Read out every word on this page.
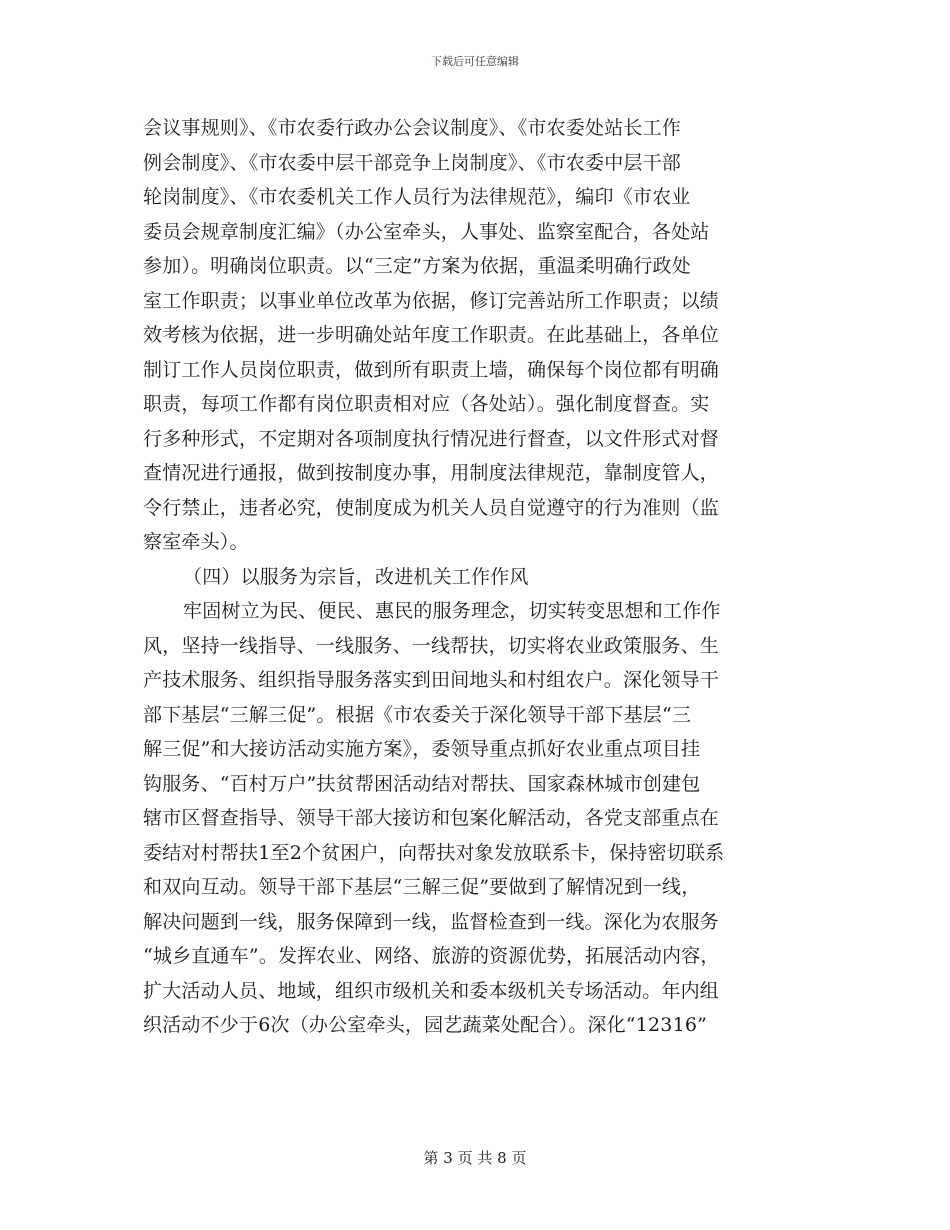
下载后可任意编辑
会议事规则》、《市农委行政办公会议制度》、《市农委处站长工作
例会制度》、《市农委中层干部竞争上岗制度》、《市农委中层干部
轮岗制度》、《市农委机关工作人员行为法律规范》，编印《市农业
委员会规章制度汇编》（办公室牵头，人事处、监察室配合，各处站
参加）。明确岗位职责。以“三定”方案为依据，重温柔明确行政处
室工作职责；以事业单位改革为依据，修订完善站所工作职责；以绩
效考核为依据，进一步明确处站年度工作职责。在此基础上，各单位
制订工作人员岗位职责，做到所有职责上墙，确保每个岗位都有明确
职责，每项工作都有岗位职责相对应（各处站）。强化制度督查。实
行多种形式，不定期对各项制度执行情况进行督查，以文件形式对督
查情况进行通报，做到按制度办事，用制度法律规范，靠制度管人，
令行禁止，违者必究，使制度成为机关人员自觉遵守的行为准则（监
察室牵头）。
（四）以服务为宗旨，改进机关工作作风
牢固树立为民、便民、惠民的服务理念，切实转变思想和工作作
风，坚持一线指导、一线服务、一线帮扶，切实将农业政策服务、生
产技术服务、组织指导服务落实到田间地头和村组农户。深化领导干
部下基层“三解三促”。根据《市农委关于深化领导干部下基层“三
解三促”和大接访活动实施方案》，委领导重点抓好农业重点项目挂
钩服务、“百村万户”扶贫帮困活动结对帮扶、国家森林城市创建包
辖市区督查指导、领导干部大接访和包案化解活动，各党支部重点在
委结对村帮扶1至2个贫困户，向帮扶对象发放联系卡，保持密切联系
和双向互动。领导干部下基层“三解三促”要做到了解情况到一线，
解决问题到一线，服务保障到一线，监督检查到一线。深化为农服务
“城乡直通车”。发挥农业、网络、旅游的资源优势，拓展活动内容，
扩大活动人员、地域，组织市级机关和委本级机关专场活动。年内组
织活动不少于6次（办公室牵头，园艺蔬菜处配合）。深化“12316”
第 3 页 共 8 页
